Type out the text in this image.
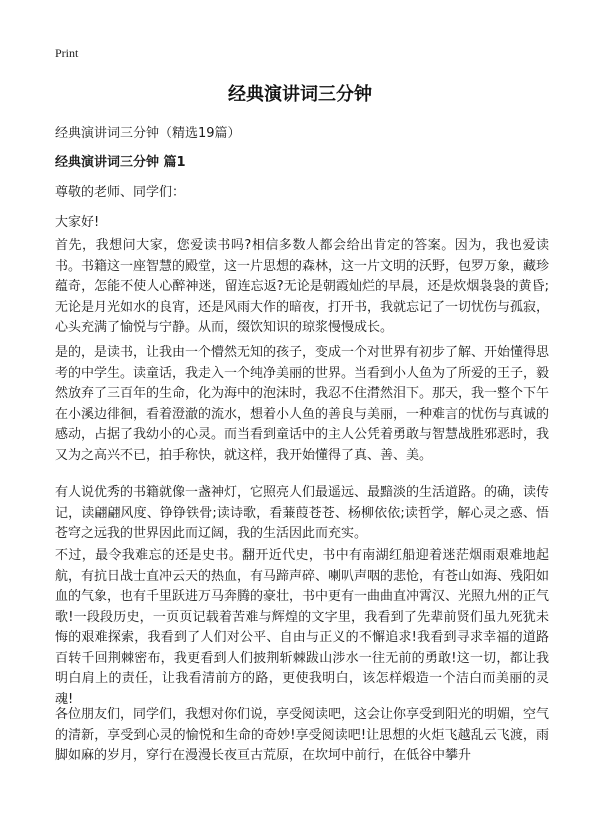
Print
经典演讲词三分钟
经典演讲词三分钟（精选19篇）
经典演讲词三分钟 篇1
尊敬的老师、同学们：
大家好!

首先，我想问大家，您爱读书吗?相信多数人都会给出肯定的答案。因为，我也爱读书。书籍这一座智慧的殿堂，这一片思想的森林，这一片文明的沃野，包罗万象，藏珍蕴奇，怎能不使人心醉神迷，留连忘返?无论是朝霞灿烂的早晨，还是炊烟袅袅的黄昏;无论是月光如水的良宵，还是风雨大作的暗夜，打开书，我就忘记了一切忧伤与孤寂，心头充满了愉悦与宁静。从而，缀饮知识的琼浆慢慢成长。

是的，是读书，让我由一个懵然无知的孩子，变成一个对世界有初步了解、开始懂得思考的中学生。读童话，我走入一个纯净美丽的世界。当看到小人鱼为了所爱的王子，毅然放弃了三百年的生命，化为海中的泡沫时，我忍不住潸然泪下。那天，我一整个下午在小溪边徘徊，看着澄澈的流水，想着小人鱼的善良与美丽，一种难言的忧伤与真诚的感动，占据了我幼小的心灵。而当看到童话中的主人公凭着勇敢与智慧战胜邪恶时，我又为之高兴不已，拍手称快，就这样，我开始懂得了真、善、美。

有人说优秀的书籍就像一盏神灯，它照亮人们最遥远、最黯淡的生活道路。的确，读传记，读翩翩风度、铮铮铁骨;读诗歌，看蒹葭苍苍、杨柳依依;读哲学，解心灵之惑、悟苍穹之远我的世界因此而辽阔，我的生活因此而充实。

不过，最令我难忘的还是史书。翻开近代史，书中有南湖红船迎着迷茫烟雨艰难地起航，有抗日战士直冲云天的热血，有马蹄声碎、喇叭声咽的悲怆，有苍山如海、残阳如血的气象，也有千里跃进万马奔腾的豪壮，书中更有一曲曲直冲霄汉、光照九州的正气歌!一段段历史，一页页记载着苦难与辉煌的文字里，我看到了先辈前贤们虽九死犹未悔的艰难探索，我看到了人们对公平、自由与正义的不懈追求!我看到寻求幸福的道路百转千回荆棘密布，我更看到人们披荆斩棘跋山涉水一往无前的勇敢!这一切，都让我明白肩上的责任，让我看清前方的路，更使我明白，该怎样煅造一个洁白而美丽的灵魂!

各位朋友们，同学们，我想对你们说，享受阅读吧，这会让你享受到阳光的明媚，空气的清新，享受到心灵的愉悦和生命的奇妙!享受阅读吧!让思想的火炬飞越乱云飞渡，雨脚如麻的岁月，穿行在漫漫长夜亘古荒原，在坎坷中前行，在低谷中攀升
